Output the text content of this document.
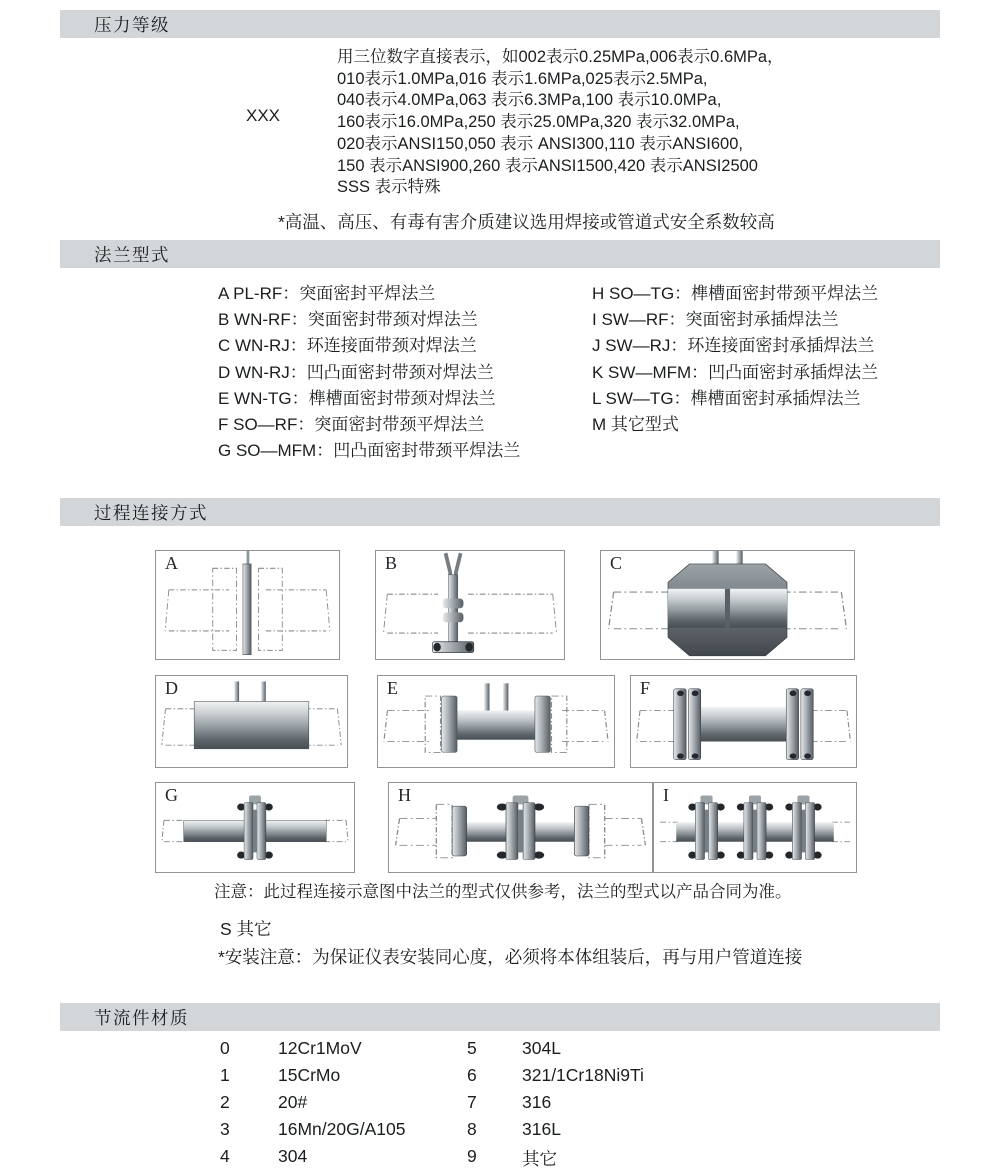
压力等级
XXX
用三位数字直接表示，如002表示0.25MPa,006表示0.6MPa，
010表示1.0MPa,016 表示1.6MPa,025表示2.5MPa,
040表示4.0MPa,063 表示6.3MPa,100 表示10.0MPa,
160表示16.0MPa,250 表示25.0MPa,320 表示32.0MPa,
020表示ANSI150,050 表示 ANSI300,110 表示ANSI600,
150 表示ANSI900,260 表示ANSI1500,420 表示ANSI2500
SSS 表示特殊
*高温、高压、有毒有害介质建议选用焊接或管道式安全系数较高
法兰型式
A PL-RF：突面密封平焊法兰
B WN-RF：突面密封带颈对焊法兰
C WN-RJ：环连接面带颈对焊法兰
D WN-RJ：凹凸面密封带颈对焊法兰
E WN-TG：榫槽面密封带颈对焊法兰
F SO—RF：突面密封带颈平焊法兰
G SO—MFM：凹凸面密封带颈平焊法兰
H SO—TG：榫槽面密封带颈平焊法兰
I SW—RF：突面密封承插焊法兰
J SW—RJ：环连接面密封承插焊法兰
K SW—MFM：凹凸面密封承插焊法兰
L SW—TG：榫槽面密封承插焊法兰
M 其它型式
过程连接方式
A	B	C
D	E	F
G	H	I
注意：此过程连接示意图中法兰的型式仅供参考，法兰的型式以产品合同为准。
S 其它
*安装注意：为保证仪表安装同心度，必须将本体组装后，再与用户管道连接
节流件材质
0	12Cr1MoV	5	304L
1	15CrMo	6	321/1Cr18Ni9Ti
2	20#	7	316
3	16Mn/20G/A105	8	316L
4	304	9	其它
